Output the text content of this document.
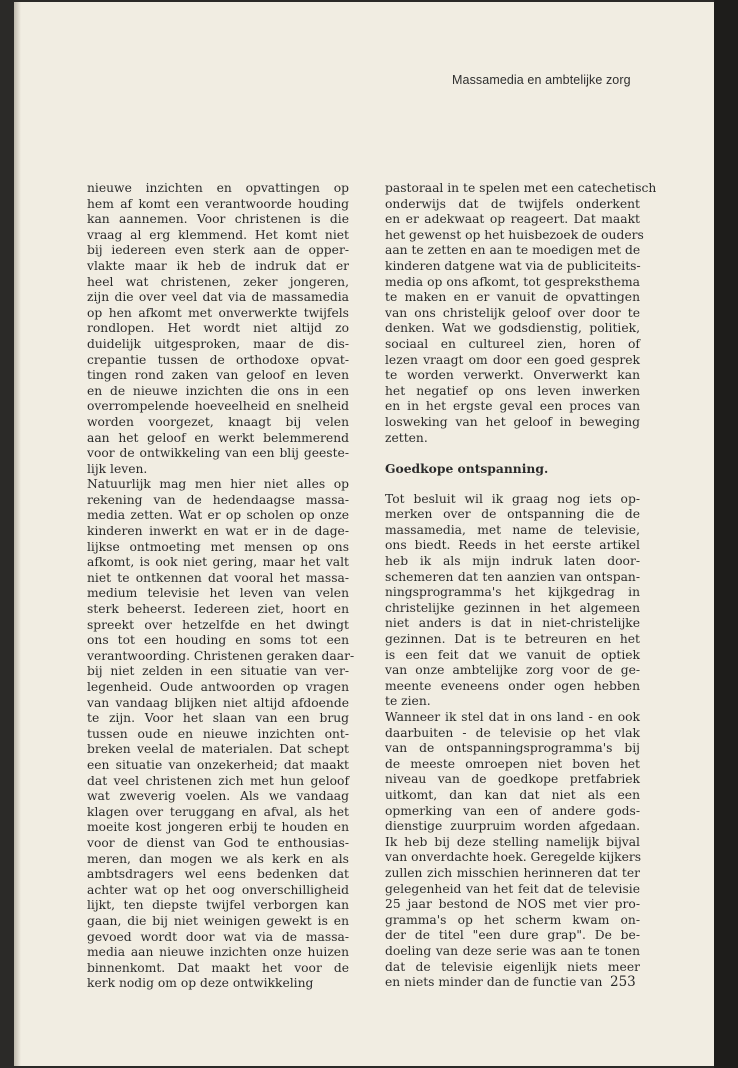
Massamedia en ambtelijke zorg
nieuwe inzichten en opvattingen op
hem af komt een verantwoorde houding
kan aannemen. Voor christenen is die
vraag al erg klemmend. Het komt niet
bij iedereen even sterk aan de opper-
vlakte maar ik heb de indruk dat er
heel wat christenen, zeker jongeren,
zijn die over veel dat via de massamedia
op hen afkomt met onverwerkte twijfels
rondlopen. Het wordt niet altijd zo
duidelijk uitgesproken, maar de dis-
crepantie tussen de orthodoxe opvat-
tingen rond zaken van geloof en leven
en de nieuwe inzichten die ons in een
overrompelende hoeveelheid en snelheid
worden voorgezet, knaagt bij velen
aan het geloof en werkt belemmerend
voor de ontwikkeling van een blij geeste-
lijk leven.
Natuurlijk mag men hier niet alles op
rekening van de hedendaagse massa-
media zetten. Wat er op scholen op onze
kinderen inwerkt en wat er in de dage-
lijkse ontmoeting met mensen op ons
afkomt, is ook niet gering, maar het valt
niet te ontkennen dat vooral het massa-
medium televisie het leven van velen
sterk beheerst. Iedereen ziet, hoort en
spreekt over hetzelfde en het dwingt
ons tot een houding en soms tot een
verantwoording. Christenen geraken daar-
bij niet zelden in een situatie van ver-
legenheid. Oude antwoorden op vragen
van vandaag blijken niet altijd afdoende
te zijn. Voor het slaan van een brug
tussen oude en nieuwe inzichten ont-
breken veelal de materialen. Dat schept
een situatie van onzekerheid; dat maakt
dat veel christenen zich met hun geloof
wat zweverig voelen. Als we vandaag
klagen over teruggang en afval, als het
moeite kost jongeren erbij te houden en
voor de dienst van God te enthousias-
meren, dan mogen we als kerk en als
ambtsdragers wel eens bedenken dat
achter wat op het oog onverschilligheid
lijkt, ten diepste twijfel verborgen kan
gaan, die bij niet weinigen gewekt is en
gevoed wordt door wat via de massa-
media aan nieuwe inzichten onze huizen
binnenkomt. Dat maakt het voor de
kerk nodig om op deze ontwikkeling
pastoraal in te spelen met een catechetisch
onderwijs dat de twijfels onderkent
en er adekwaat op reageert. Dat maakt
het gewenst op het huisbezoek de ouders
aan te zetten en aan te moedigen met de
kinderen datgene wat via de publiciteits-
media op ons afkomt, tot gespreksthema
te maken en er vanuit de opvattingen
van ons christelijk geloof over door te
denken. Wat we godsdienstig, politiek,
sociaal en cultureel zien, horen of
lezen vraagt om door een goed gesprek
te worden verwerkt. Onverwerkt kan
het negatief op ons leven inwerken
en in het ergste geval een proces van
losweking van het geloof in beweging
zetten.
Goedkope ontspanning.
Tot besluit wil ik graag nog iets op-
merken over de ontspanning die de
massamedia, met name de televisie,
ons biedt. Reeds in het eerste artikel
heb ik als mijn indruk laten door-
schemeren dat ten aanzien van ontspan-
ningsprogramma's het kijkgedrag in
christelijke gezinnen in het algemeen
niet anders is dat in niet-christelijke
gezinnen. Dat is te betreuren en het
is een feit dat we vanuit de optiek
van onze ambtelijke zorg voor de ge-
meente eveneens onder ogen hebben
te zien.
Wanneer ik stel dat in ons land - en ook
daarbuiten - de televisie op het vlak
van de ontspanningsprogramma's bij
de meeste omroepen niet boven het
niveau van de goedkope pretfabriek
uitkomt, dan kan dat niet als een
opmerking van een of andere gods-
dienstige zuurpruim worden afgedaan.
Ik heb bij deze stelling namelijk bijval
van onverdachte hoek. Geregelde kijkers
zullen zich misschien herinneren dat ter
gelegenheid van het feit dat de televisie
25 jaar bestond de NOS met vier pro-
gramma's op het scherm kwam on-
der de titel "een dure grap". De be-
doeling van deze serie was aan te tonen
dat de televisie eigenlijk niets meer
en niets minder dan de functie van 253
